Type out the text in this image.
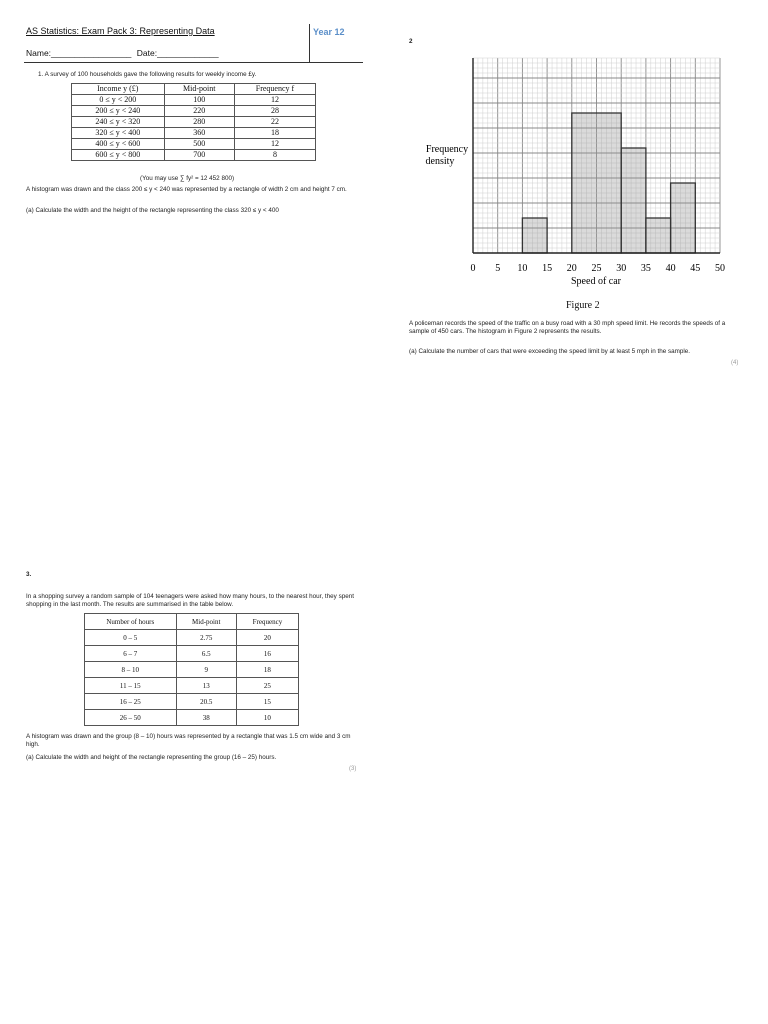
AS Statistics: Exam Pack 3: Representing Data
Name:_________________ Date:_____________
Year 12
1. A survey of 100 households gave the following results for weekly income £y.
Income y (£)	Mid-point	Frequency f
0 ≤ y < 200	100	12
200 ≤ y < 240	220	28
240 ≤ y < 320	280	22
320 ≤ y < 400	360	18
400 ≤ y < 600	500	12
600 ≤ y < 800	700	8
(You may use ∑ fy² = 12 452 800)
A histogram was drawn and the class 200 ≤ y < 240 was represented by a rectangle of width 2 cm and height 7 cm.
(a) Calculate the width and the height of the rectangle representing the class 320 ≤ y < 400
2
0 5 10 15 20 25 30 35 40 45 50
Frequency
density
Speed of car
Figure 2
A policeman records the speed of the traffic on a busy road with a 30 mph speed limit. He records the speeds of a sample of 450 cars. The histogram in Figure 2 represents the results.
(a) Calculate the number of cars that were exceeding the speed limit by at least 5 mph in the sample.
(4)
3.
In a shopping survey a random sample of 104 teenagers were asked how many hours, to the nearest hour, they spent shopping in the last month. The results are summarised in the table below.
Number of hours	Mid-point	Frequency
0 – 5	2.75	20
6 – 7	6.5	16
8 – 10	9	18
11 – 15	13	25
16 – 25	20.5	15
26 – 50	38	10
A histogram was drawn and the group (8 – 10) hours was represented by a rectangle that was 1.5 cm wide and 3 cm high.
(a) Calculate the width and height of the rectangle representing the group (16 – 25) hours.
(3)
